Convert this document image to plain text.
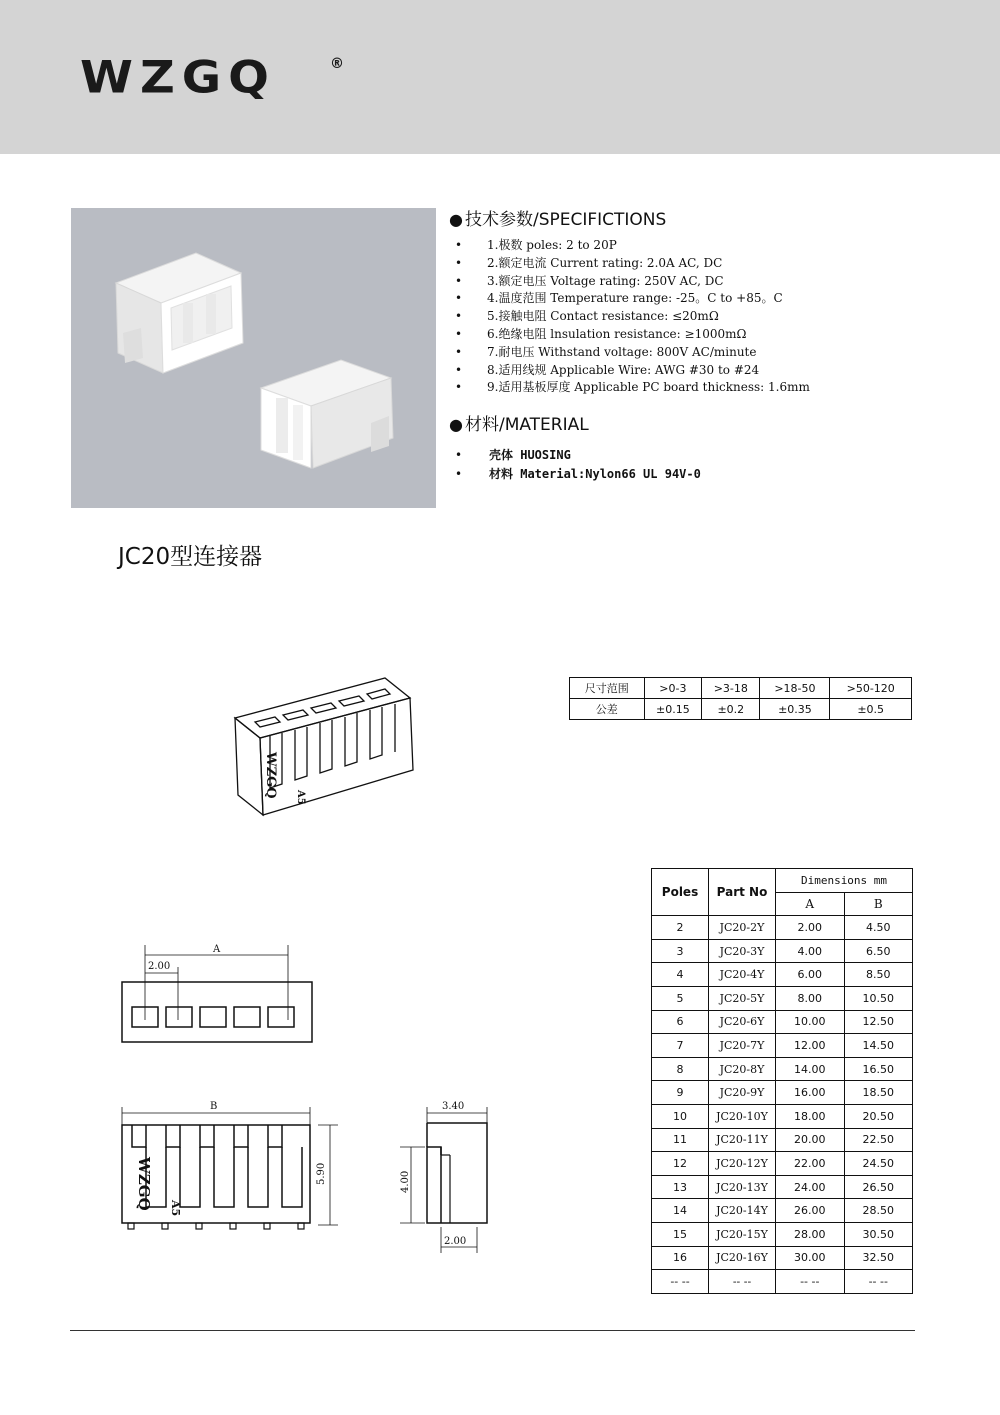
WZGQ	®
● 技术参数/SPECIFICTIONS
• 1.极数 poles: 2 to 20P
• 2.额定电流 Current rating: 2.0A AC, DC
• 3.额定电压 Voltage rating: 250V AC, DC
• 4.温度范围 Temperature range: -25。C to +85。C
• 5.接触电阻 Contact resistance: ≤20mΩ
• 6.绝缘电阻 lnsulation resistance: ≥1000mΩ
• 7.耐电压 Withstand voltage: 800V AC/minute
• 8.适用线规 Applicable Wire: AWG #30 to #24
• 9.适用基板厚度 Applicable PC board thickness: 1.6mm
● 材料/MATERIAL
• 壳体 HUOSING
• 材料 Material:Nylon66 UL 94V-0
JC20型连接器
WZGQ A5
尺寸范围	>0-3	>3-18	>18-50	>50-120
公差	±0.15	±0.2	±0.35	±0.5
A
2.00
B
5.90
WZGQ A5
3.40
4.00
2.00
Poles	Part No	Dimensions mm	
		A	B
2	JC20-2Y	2.00	4.50
3	JC20-3Y	4.00	6.50
4	JC20-4Y	6.00	8.50
5	JC20-5Y	8.00	10.50
6	JC20-6Y	10.00	12.50
7	JC20-7Y	12.00	14.50
8	JC20-8Y	14.00	16.50
9	JC20-9Y	16.00	18.50
10	JC20-10Y	18.00	20.50
11	JC20-11Y	20.00	22.50
12	JC20-12Y	22.00	24.50
13	JC20-13Y	24.00	26.50
14	JC20-14Y	26.00	28.50
15	JC20-15Y	28.00	30.50
16	JC20-16Y	30.00	32.50
-- --	-- --	-- --	-- --
